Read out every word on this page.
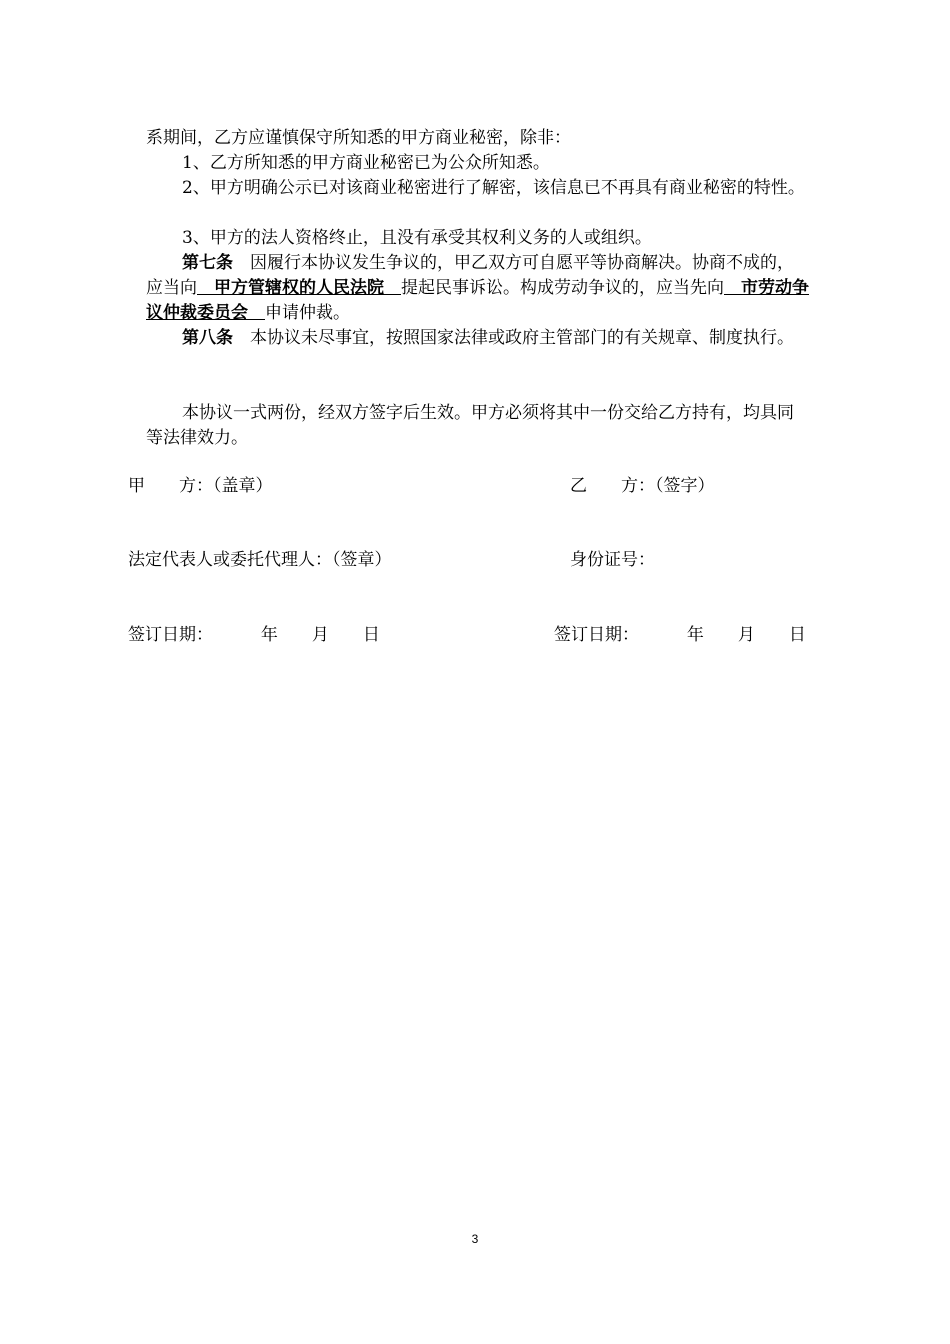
系期间，乙方应谨慎保守所知悉的甲方商业秘密，除非：

1、乙方所知悉的甲方商业秘密已为公众所知悉。

2、甲方明确公示已对该商业秘密进行了解密，该信息已不再具有商业秘密的特性。

3、甲方的法人资格终止，且没有承受其权利义务的人或组织。

第七条　因履行本协议发生争议的，甲乙双方可自愿平等协商解决。协商不成的，应当向　甲方管辖权的人民法院　提起民事诉讼。构成劳动争议的，应当先向　市劳动争议仲裁委员会　申请仲裁。

第八条　本协议未尽事宜，按照国家法律或政府主管部门的有关规章、制度执行。

本协议一式两份，经双方签字后生效。甲方必须将其中一份交给乙方持有，均具同等法律效力。

甲　　方：（盖章）	乙　　方：（签字）
法定代表人或委托代理人：（签章）	身份证号：
签订日期：　　　 年　　月　　日	签订日期：　　　 年　　月　　日
3
